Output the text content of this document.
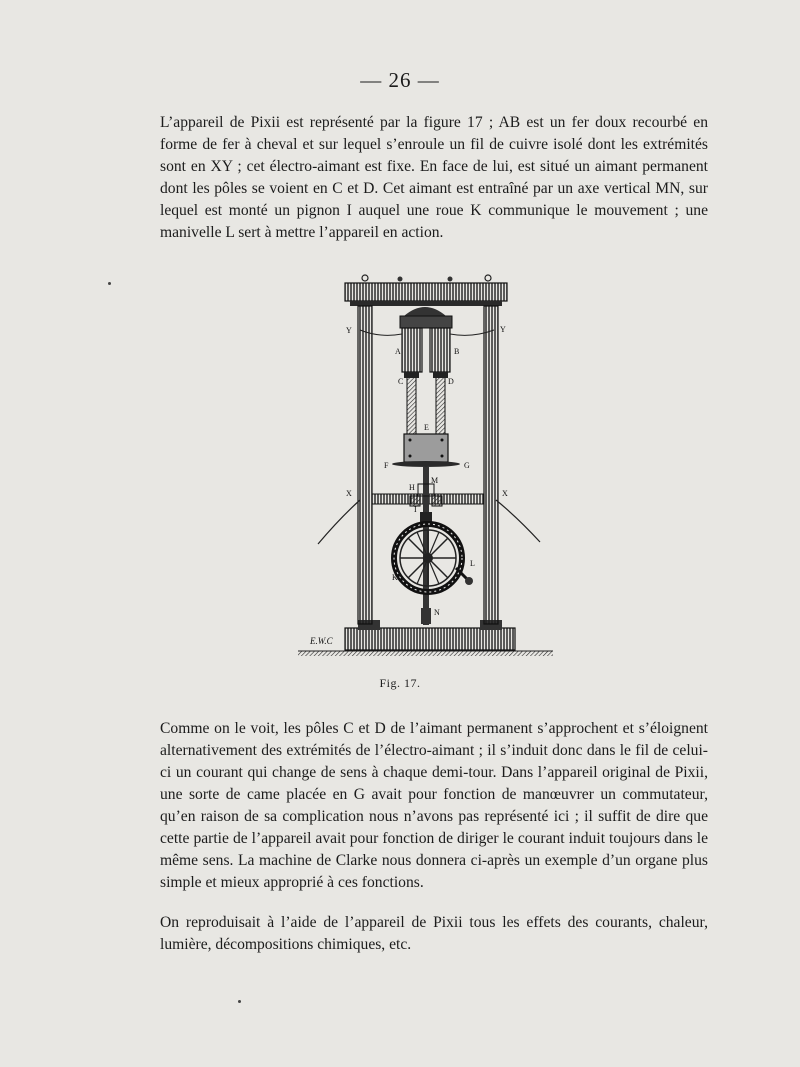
— 26 —

L’appareil de Pixii est représenté par la figure 17 ; AB est un fer doux recourbé en forme de fer à cheval et sur lequel s’enroule un fil de cuivre isolé dont les extrémités sont en XY ; cet électro-aimant est fixe. En face de lui, est situé un aimant permanent dont les pôles se voient en C et D. Cet aimant est entraîné par un axe vertical MN, sur lequel est monté un pignon I auquel une roue K communique le mouvement ; une manivelle L sert à mettre l’appareil en action.

Y	Y
A	B
C	D
E
F	G
H
M
I
X	X
K
L
N
E.W.C
Fig. 17.

Comme on le voit, les pôles C et D de l’aimant permanent s’approchent et s’éloignent alternativement des extrémités de l’électro-aimant ; il s’induit donc dans le fil de celui-ci un courant qui change de sens à chaque demi-tour. Dans l’appareil original de Pixii, une sorte de came placée en G avait pour fonction de manœuvrer un commutateur, qu’en raison de sa complication nous n’avons pas représenté ici ; il suffit de dire que cette partie de l’appareil avait pour fonction de diriger le courant induit toujours dans le même sens. La machine de Clarke nous donnera ci-après un exemple d’un organe plus simple et mieux approprié à ces fonctions.

On reproduisait à l’aide de l’appareil de Pixii tous les effets des courants, chaleur, lumière, décompositions chimiques, etc.
